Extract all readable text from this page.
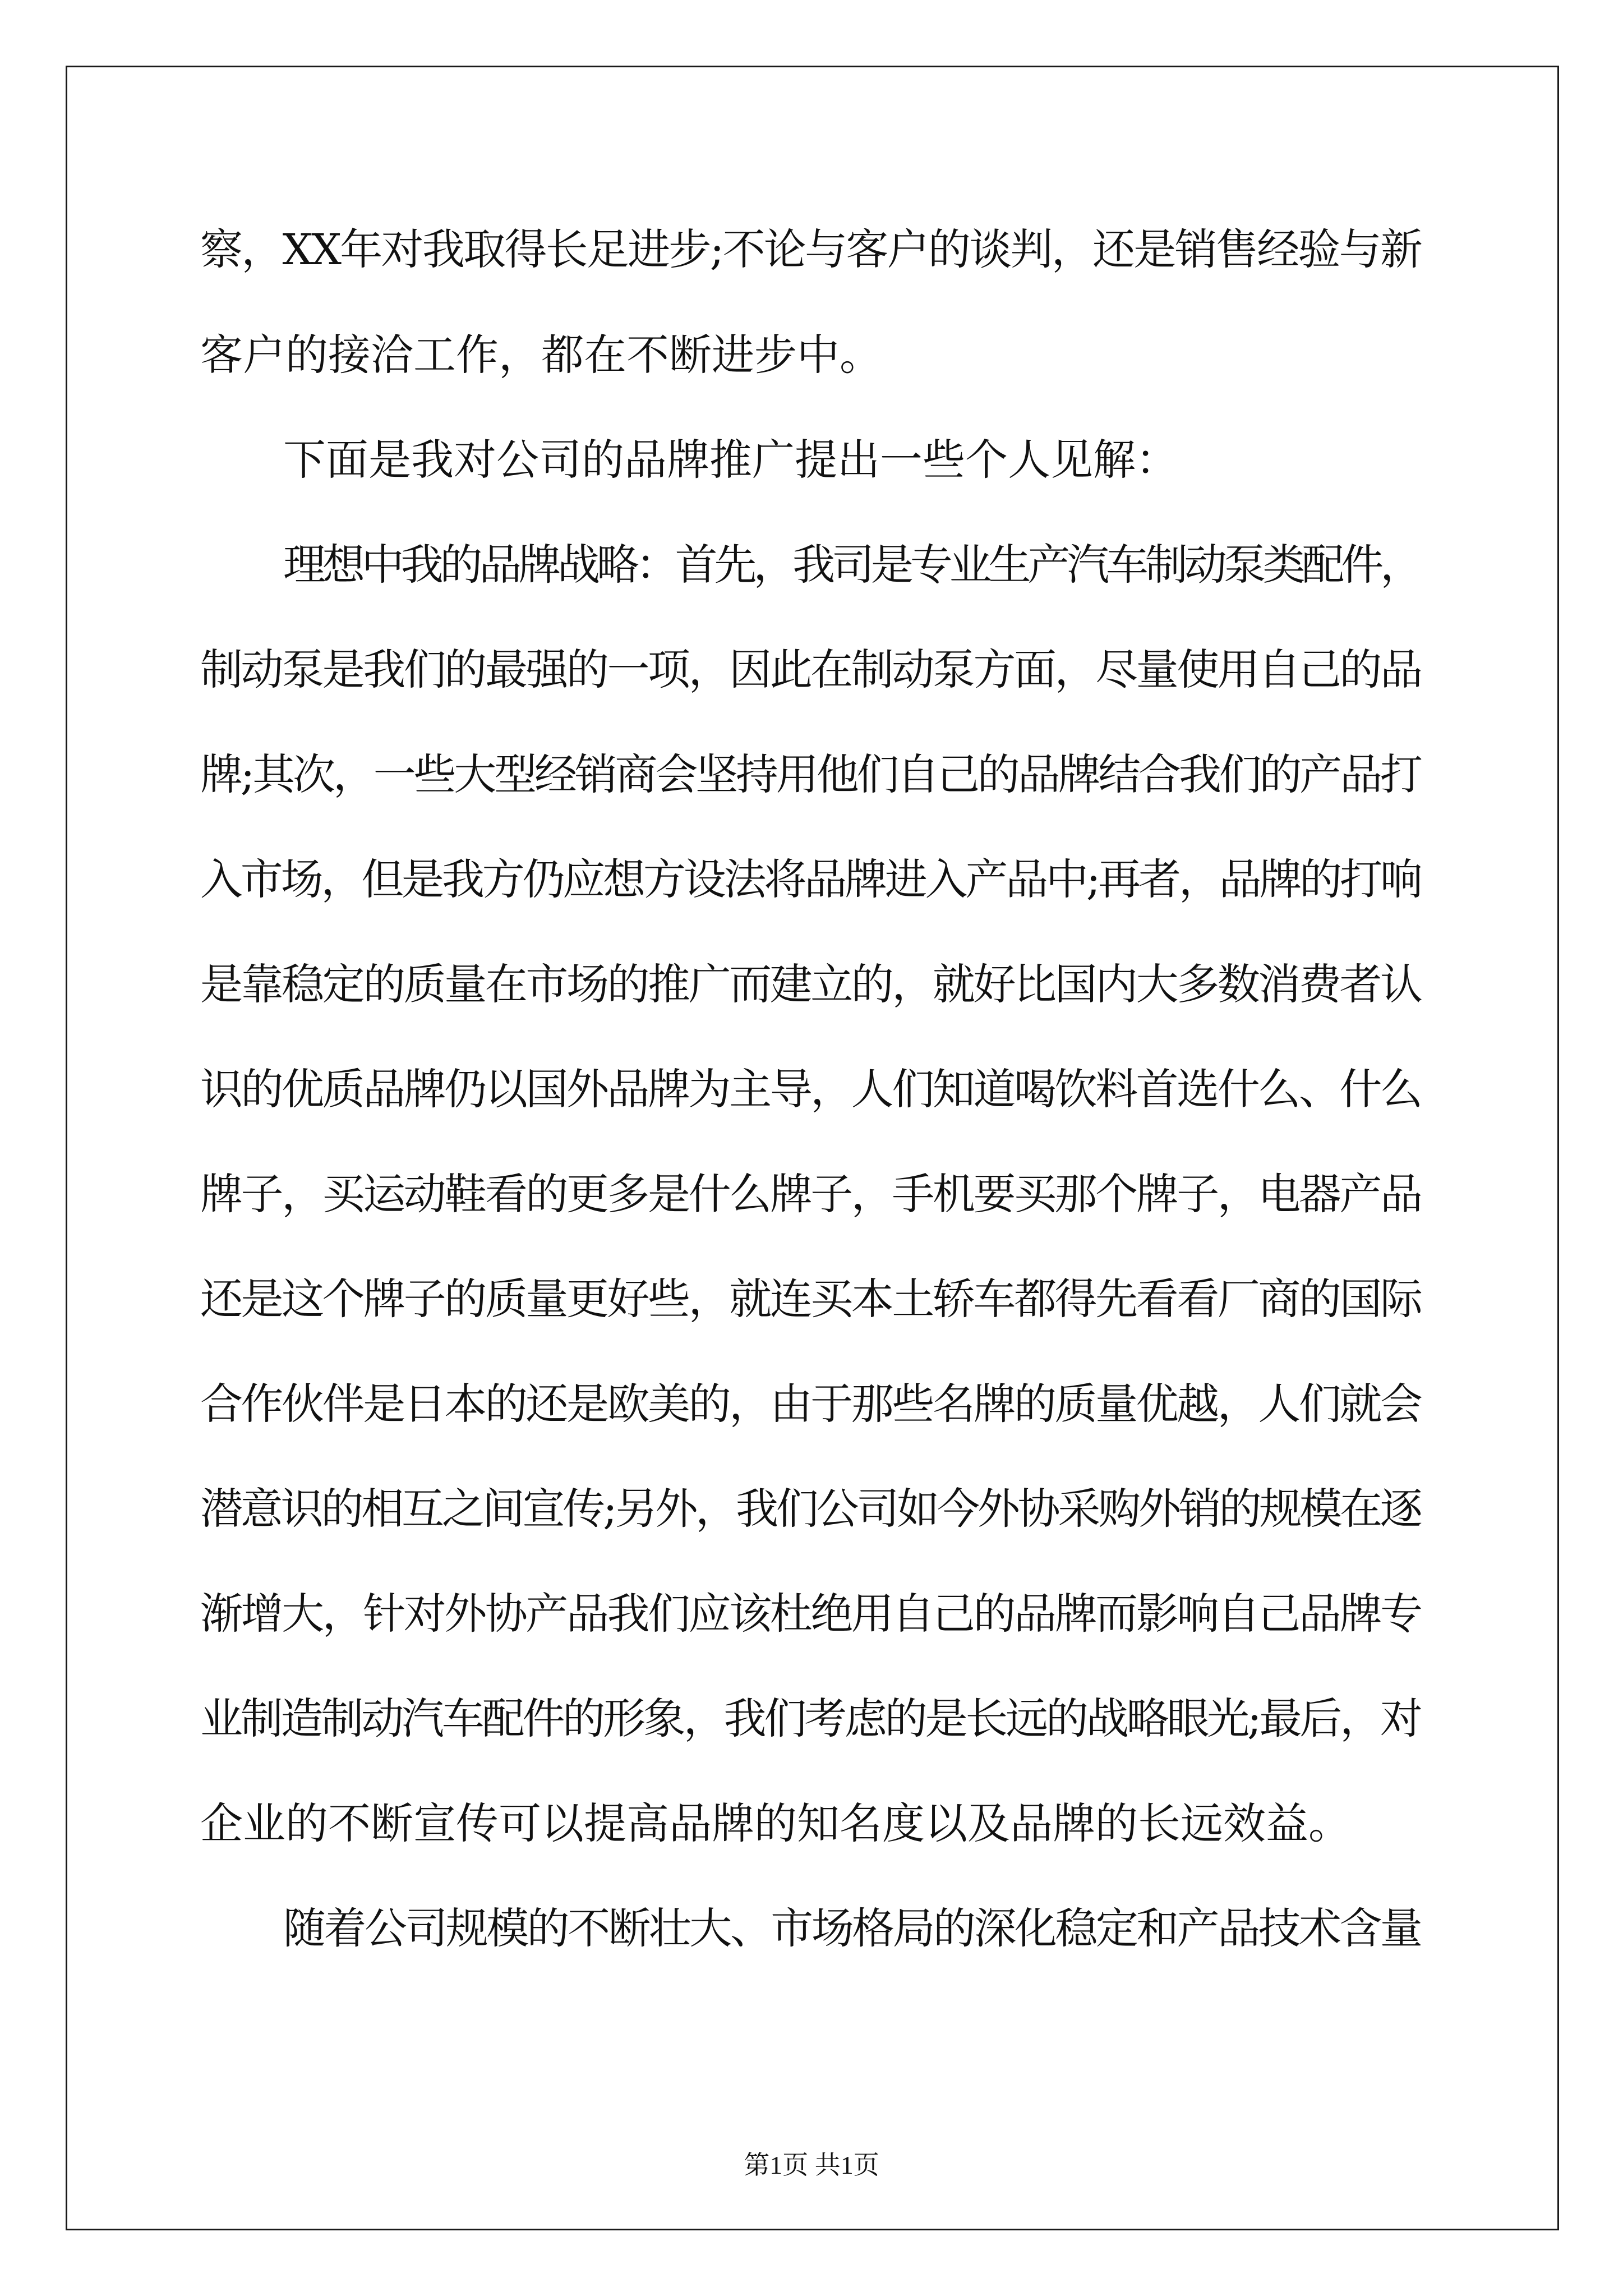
察，XX年对我取得长足进步;不论与客户的谈判，还是销售经验与新
客户的接洽工作，都在不断进步中。
下面是我对公司的品牌推广提出一些个人见解：
理想中我的品牌战略：首先，我司是专业生产汽车制动泵类配件，
制动泵是我们的最强的一项，因此在制动泵方面，尽量使用自己的品
牌;其次，一些大型经销商会坚持用他们自己的品牌结合我们的产品打
入市场，但是我方仍应想方设法将品牌进入产品中;再者，品牌的打响
是靠稳定的质量在市场的推广而建立的，就好比国内大多数消费者认
识的优质品牌仍以国外品牌为主导，人们知道喝饮料首选什么、什么
牌子，买运动鞋看的更多是什么牌子，手机要买那个牌子，电器产品
还是这个牌子的质量更好些，就连买本土轿车都得先看看厂商的国际
合作伙伴是日本的还是欧美的，由于那些名牌的质量优越，人们就会
潜意识的相互之间宣传;另外，我们公司如今外协采购外销的规模在逐
渐增大，针对外协产品我们应该杜绝用自己的品牌而影响自己品牌专
业制造制动汽车配件的形象，我们考虑的是长远的战略眼光;最后，对
企业的不断宣传可以提高品牌的知名度以及品牌的长远效益。
随着公司规模的不断壮大、市场格局的深化稳定和产品技术含量
第1页 共1页
